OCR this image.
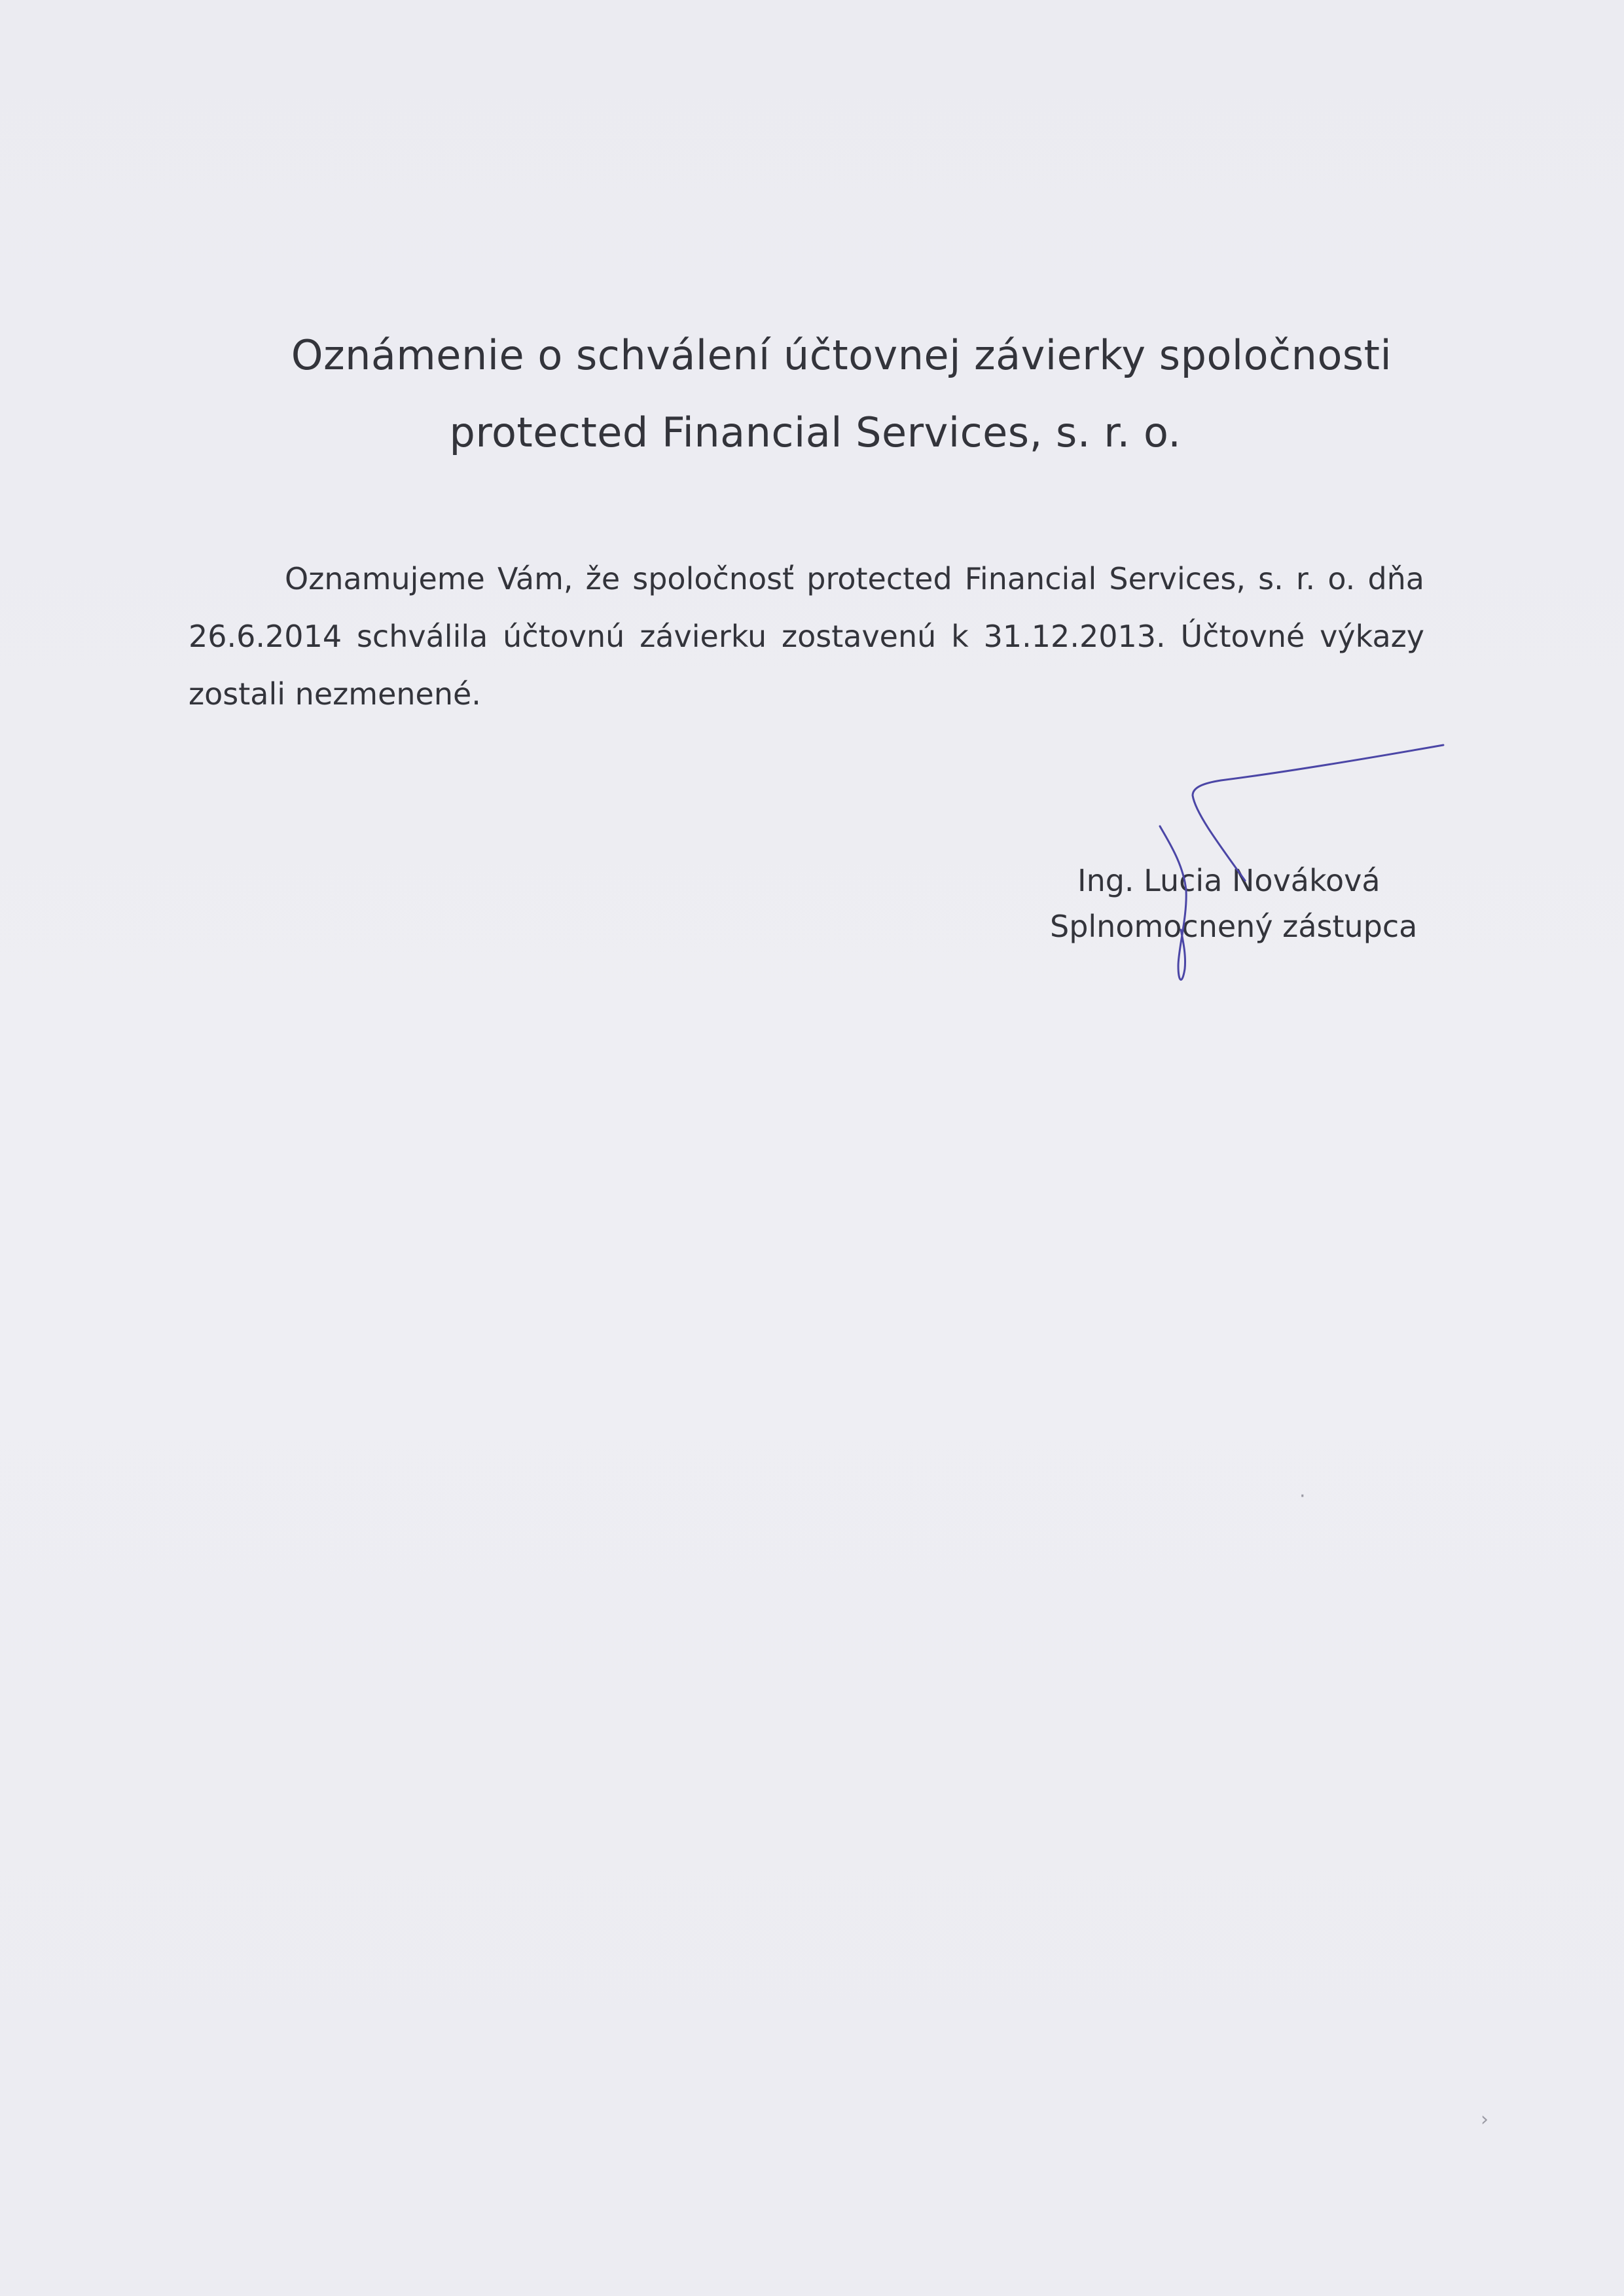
Oznámenie o schválení účtovnej závierky spoločnosti
protected Financial Services, s. r. o.
Oznamujeme Vám, že spoločnosť protected Financial Services, s. r. o. dňa
26.6.2014 schválila účtovnú závierku zostavenú k 31.12.2013. Účtovné výkazy
zostali nezmenené.
Ing. Lucia Nováková
Splnomocnený zástupca
·
›
